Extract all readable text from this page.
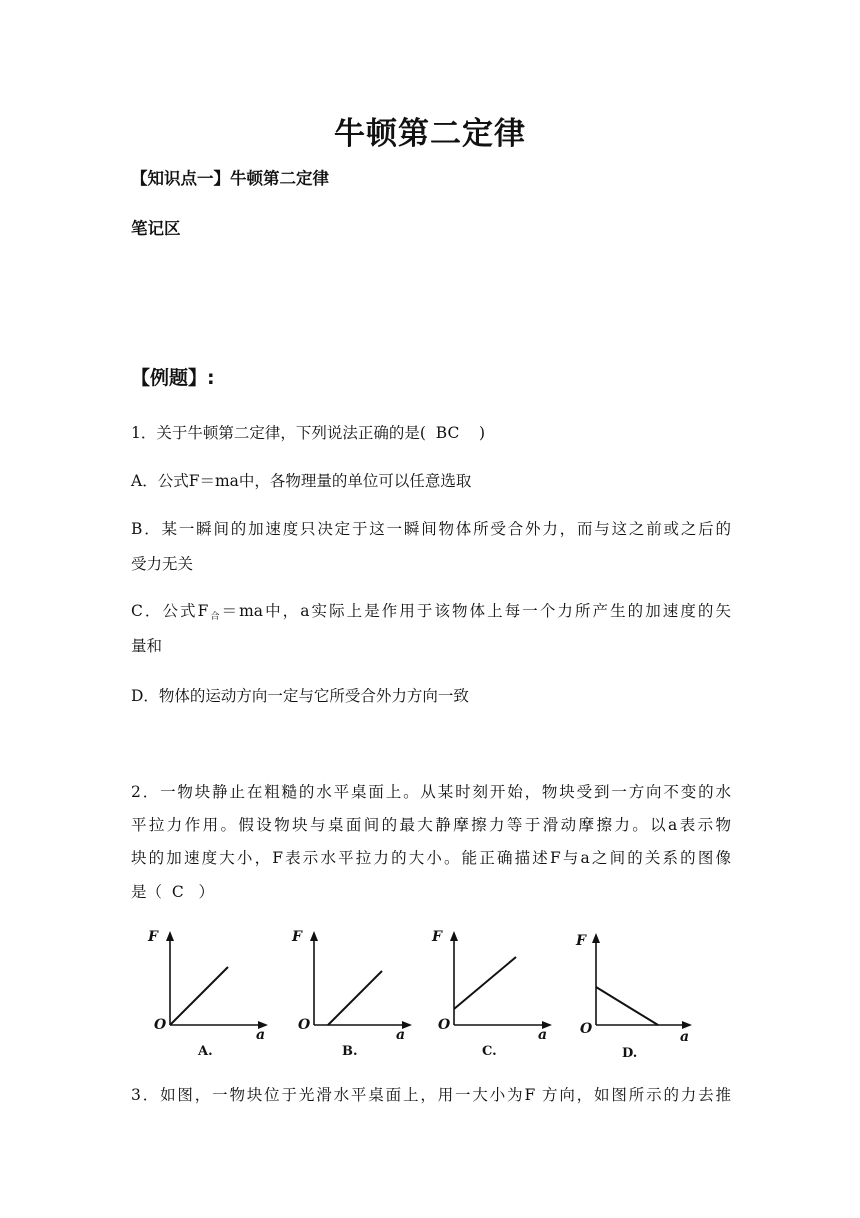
牛顿第二定律
【知识点一】牛顿第二定律
笔记区
【例题】:
1．关于牛顿第二定律，下列说法正确的是(  BC    )
A．公式F＝ma中，各物理量的单位可以任意选取
B．某一瞬间的加速度只决定于这一瞬间物体所受合外力，而与这之前或之后的
受力无关
C．公式$F_合=ma$中，a实际上是作用于该物体上每一个力所产生的加速度的矢
量和
D．物体的运动方向一定与它所受合外力方向一致
2．一物块静止在粗糙的水平桌面上。从某时刻开始，物块受到一方向不变的水
平拉力作用。假设物块与桌面间的最大静摩擦力等于滑动摩擦力。以a表示物
块的加速度大小，F表示水平拉力的大小。能正确描述F与a之间的关系的图像
是（  C   ）
F
O
a
A.
F
O
a
B.
F
O
a
C.
F
O	a
D.
3．如图，一物块位于光滑水平桌面上，用一大小为F 方向，如图所示的力去推
